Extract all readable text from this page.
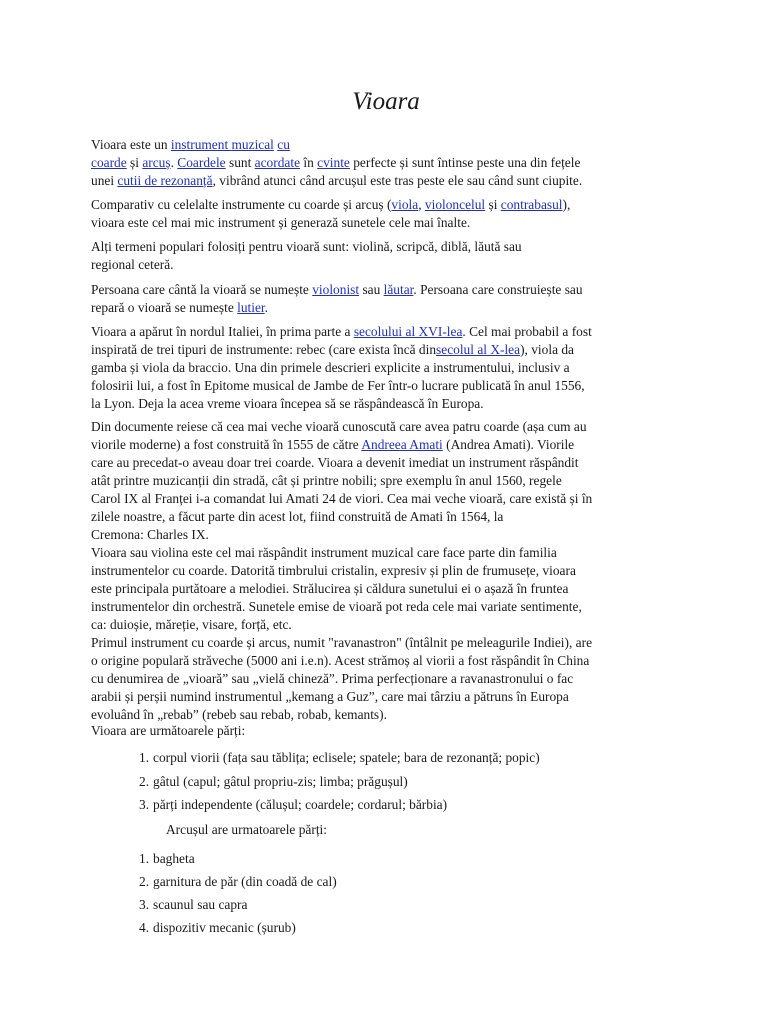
Vioara
Vioara este un instrument muzical cu
coarde și arcuș. Coardele sunt acordate în cvinte perfecte și sunt întinse peste una din fețele
unei cutii de rezonanță, vibrând atunci când arcușul este tras peste ele sau când sunt ciupite.
Comparativ cu celelalte instrumente cu coarde și arcuș (viola, violoncelul și contrabasul),
vioara este cel mai mic instrument și generază sunetele cele mai înalte.
Alți termeni populari folosiți pentru vioară sunt: violină, scripcă, diblă, lăută sau
regional ceteră.
Persoana care cântă la vioară se numește violonist sau lăutar. Persoana care construiește sau
repară o vioară se numește lutier.
Vioara a apărut în nordul Italiei, în prima parte a secolului al XVI-lea. Cel mai probabil a fost
inspirată de trei tipuri de instrumente: rebec (care exista încă dinsecolul al X-lea), viola da
gamba și viola da braccio. Una din primele descrieri explicite a instrumentului, inclusiv a
folosirii lui, a fost în Epitome musical de Jambe de Fer într-o lucrare publicată în anul 1556,
la Lyon. Deja la acea vreme vioara începea să se răspândească în Europa.
Din documente reiese că cea mai veche vioară cunoscută care avea patru coarde (așa cum au
viorile moderne) a fost construită în 1555 de către Andreea Amati (Andrea Amati). Viorile
care au precedat-o aveau doar trei coarde. Vioara a devenit imediat un instrument răspândit
atât printre muzicanții din stradă, cât și printre nobili; spre exemplu în anul 1560, regele
Carol IX al Franței i-a comandat lui Amati 24 de viori. Cea mai veche vioară, care există și în
zilele noastre, a făcut parte din acest lot, fiind construită de Amati în 1564, la
Cremona: Charles IX.
Vioara sau violina este cel mai răspândit instrument muzical care face parte din familia
instrumentelor cu coarde. Datorită timbrului cristalin, expresiv și plin de frumusețe, vioara
este principala purtătoare a melodiei. Strălucirea și căldura sunetului ei o așază în fruntea
instrumentelor din orchestră. Sunetele emise de vioară pot reda cele mai variate sentimente,
ca: duioșie, măreție, visare, forță, etc.
Primul instrument cu coarde și arcus, numit "ravanastron" (întâlnit pe meleagurile Indiei), are
o origine populară străveche (5000 ani i.e.n). Acest strămoș al viorii a fost răspândit în China
cu denumirea de „vioară” sau „vielă chineză”. Prima perfecționare a ravanastronului o fac
arabii și perșii numind instrumentul „kemang a Guz”, care mai târziu a pătruns în Europa
evoluând în „rebab” (rebeb sau rebab, robab, kemants).

Vioara are următoarele părți:

1. corpul viorii (fața sau tăblița; eclisele; spatele; bara de rezonanță; popic)
2. gâtul (capul; gâtul propriu-zis; limba; prăgușul)
3. părți independente (călușul; coardele; cordarul; bărbia)

Arcușul are urmatoarele părți:

1. bagheta
2. garnitura de păr (din coadă de cal)
3. scaunul sau capra
4. dispozitiv mecanic (șurub)
